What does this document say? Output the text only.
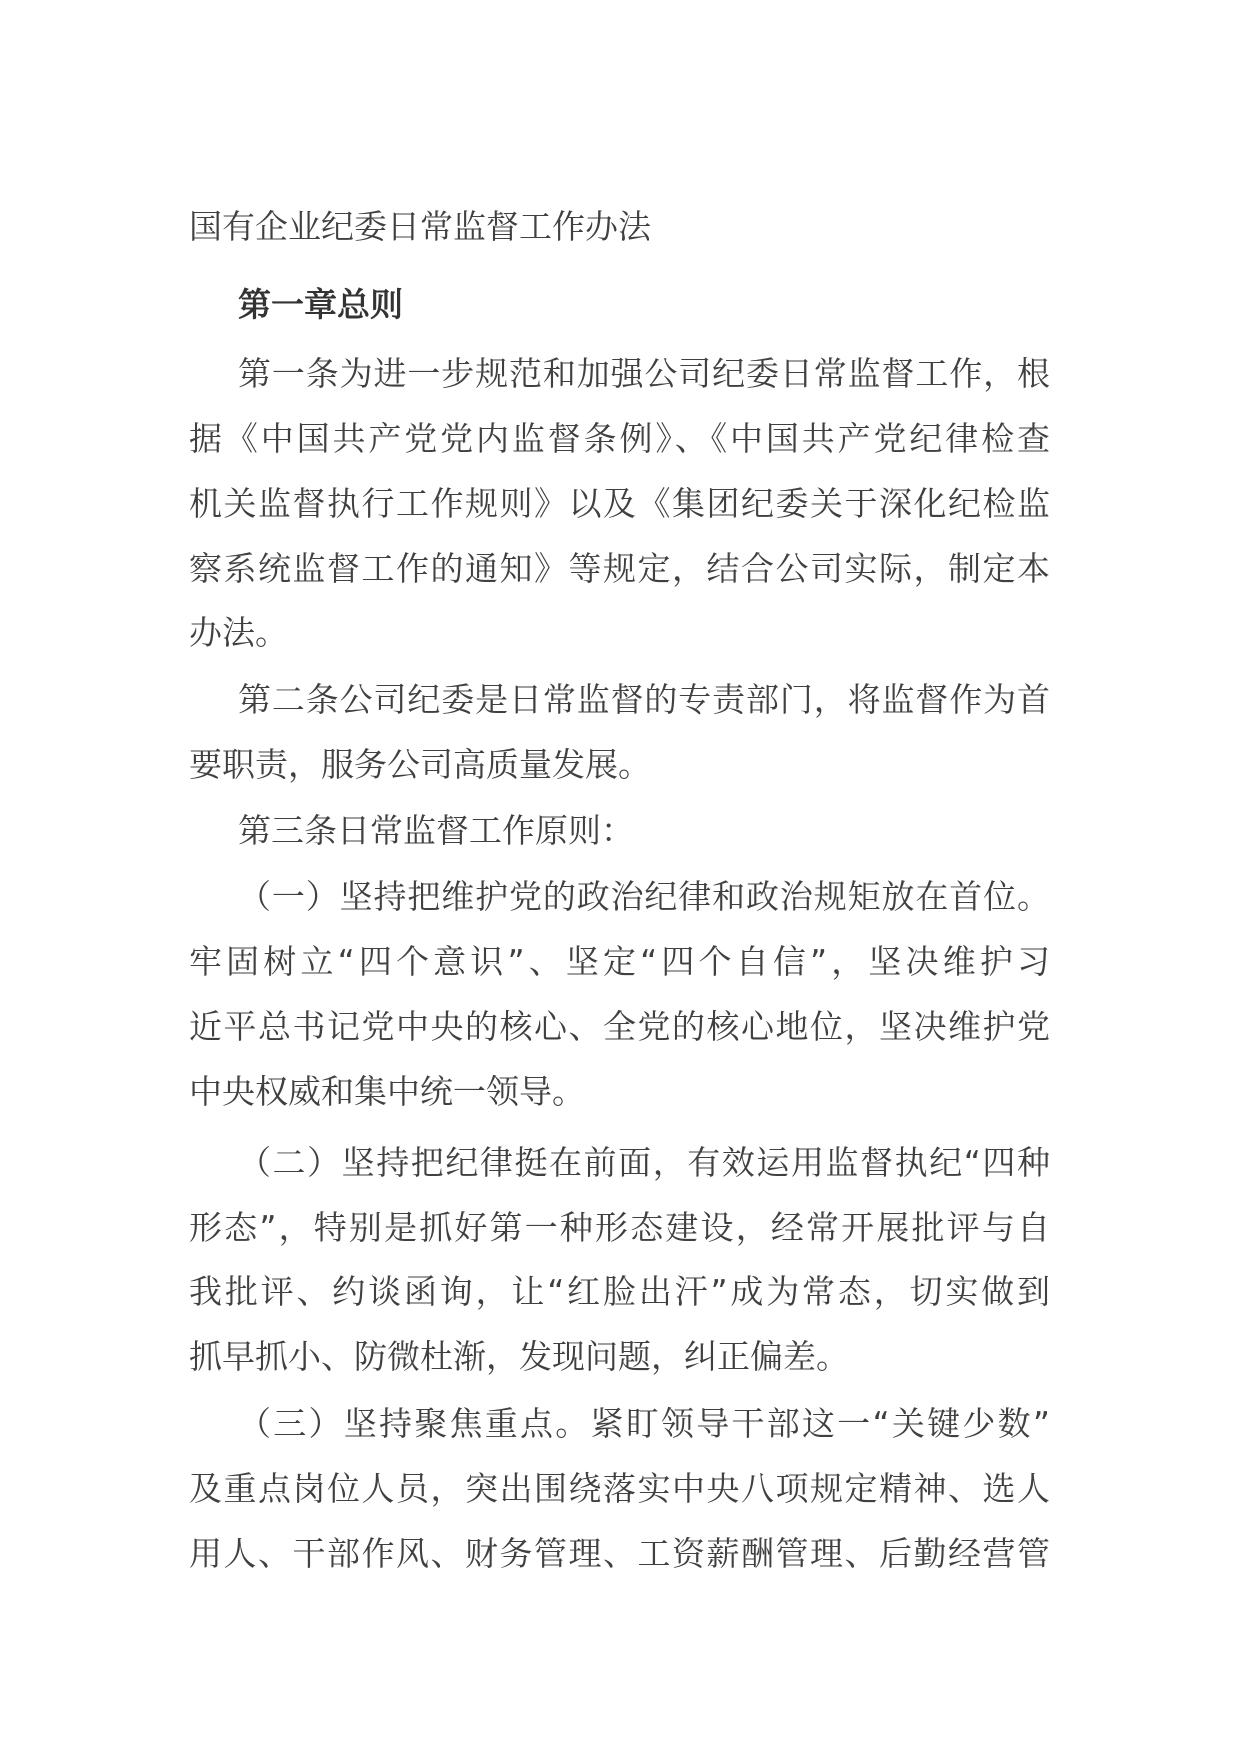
国有企业纪委日常监督工作办法
第一章总则
第一条为进一步规范和加强公司纪委日常监督工作，根
据《中国共产党党内监督条例》、《中国共产党纪律检查
机关监督执行工作规则》以及《集团纪委关于深化纪检监
察系统监督工作的通知》等规定，结合公司实际，制定本
办法。
第二条公司纪委是日常监督的专责部门，将监督作为首
要职责，服务公司高质量发展。
第三条日常监督工作原则：
（一）坚持把维护党的政治纪律和政治规矩放在首位。
牢固树立“四个意识”、坚定“四个自信”，坚决维护习
近平总书记党中央的核心、全党的核心地位，坚决维护党
中央权威和集中统一领导。
（二）坚持把纪律挺在前面，有效运用监督执纪“四种
形态”，特别是抓好第一种形态建设，经常开展批评与自
我批评、约谈函询，让“红脸出汗”成为常态，切实做到
抓早抓小、防微杜渐，发现问题，纠正偏差。
（三）坚持聚焦重点。紧盯领导干部这一“关键少数”
及重点岗位人员，突出围绕落实中央八项规定精神、选人
用人、干部作风、财务管理、工资薪酬管理、后勤经营管
